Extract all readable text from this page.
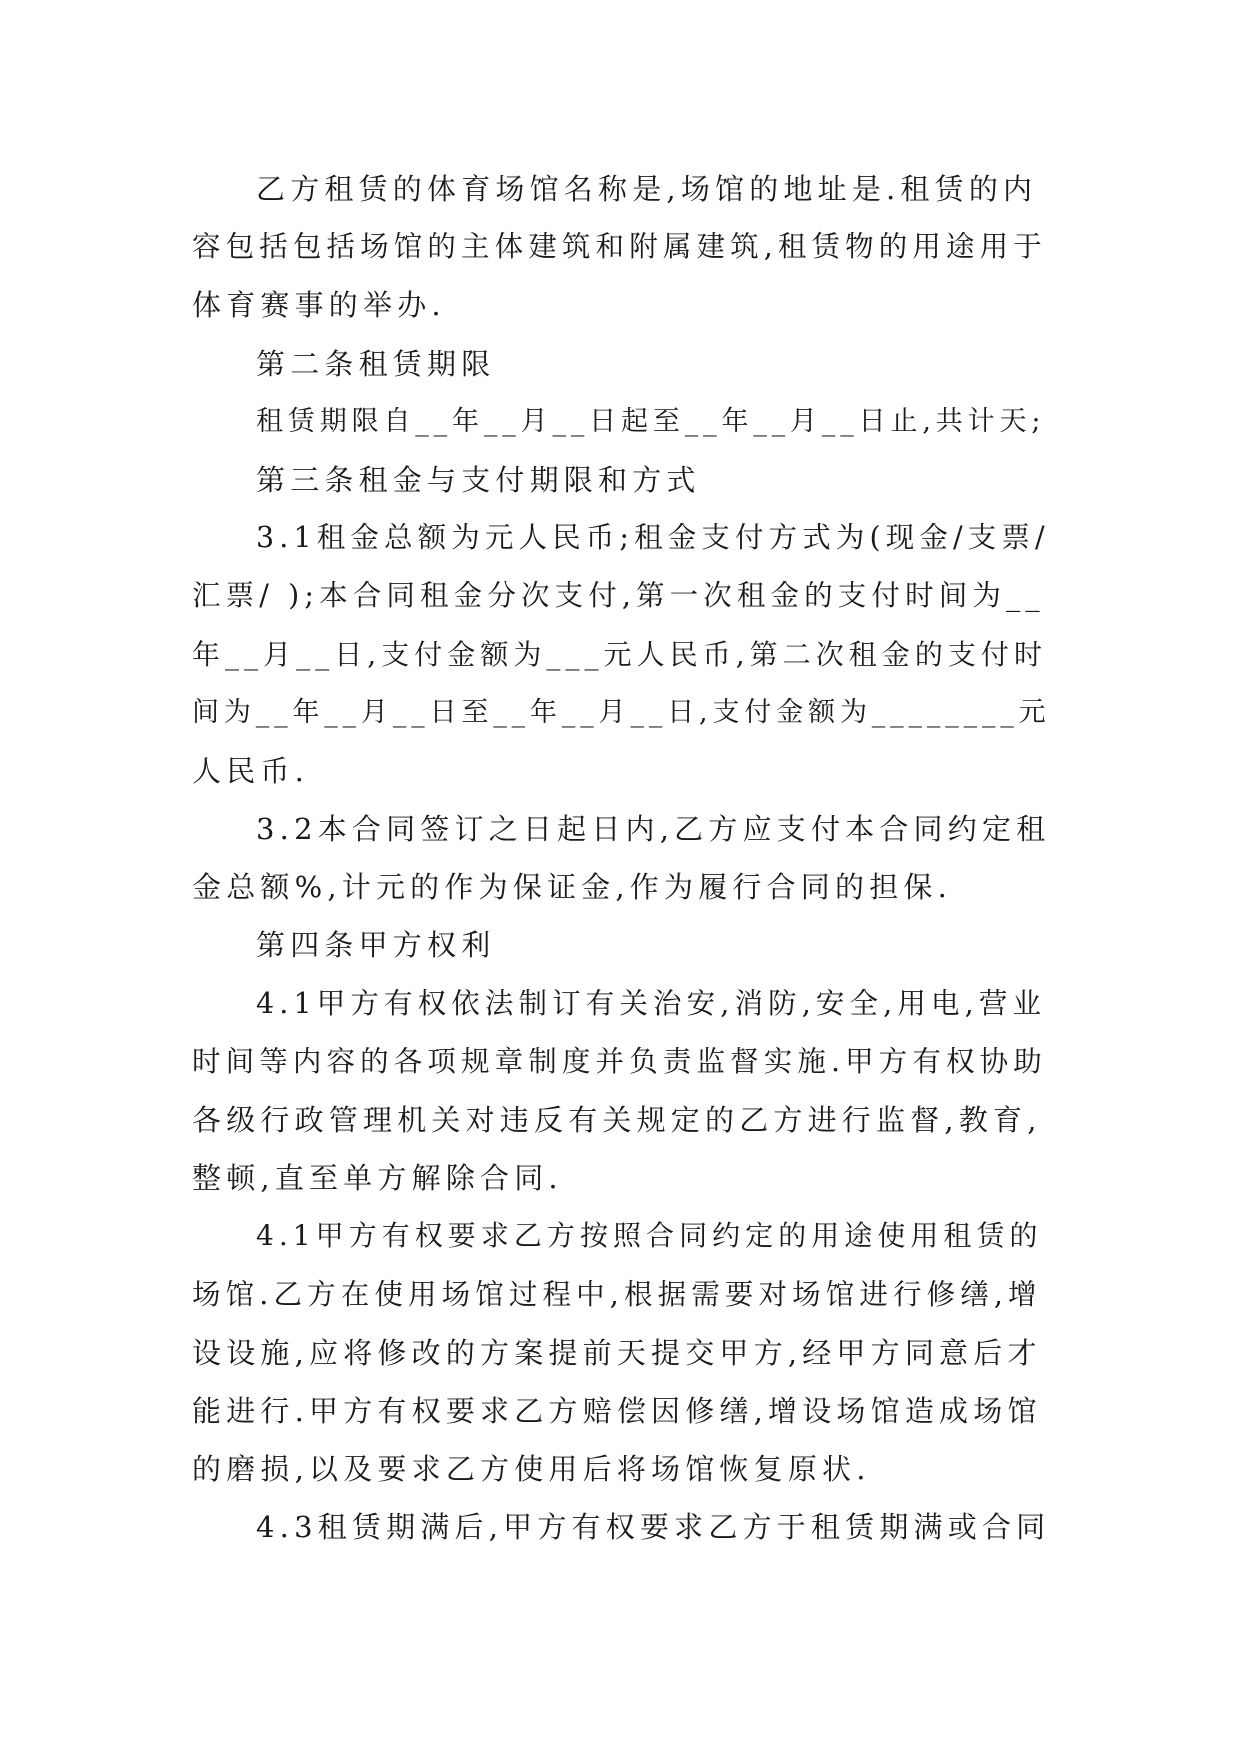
乙方租赁的体育场馆名称是,场馆的地址是.租赁的内
容包括包括场馆的主体建筑和附属建筑,租赁物的用途用于
体育赛事的举办.
第二条租赁期限
租赁期限自__年__月__日起至__年__月__日止,共计天;
第三条租金与支付期限和方式
3.1租金总额为元人民币;租金支付方式为(现金/支票/
汇票/ );本合同租金分次支付,第一次租金的支付时间为__
年__月__日,支付金额为___元人民币,第二次租金的支付时
间为__年__月__日至__年__月__日,支付金额为________元
人民币.
3.2本合同签订之日起日内,乙方应支付本合同约定租
金总额%,计元的作为保证金,作为履行合同的担保.
第四条甲方权利
4.1甲方有权依法制订有关治安,消防,安全,用电,营业
时间等内容的各项规章制度并负责监督实施.甲方有权协助
各级行政管理机关对违反有关规定的乙方进行监督,教育,
整顿,直至单方解除合同.
4.1甲方有权要求乙方按照合同约定的用途使用租赁的
场馆.乙方在使用场馆过程中,根据需要对场馆进行修缮,增
设设施,应将修改的方案提前天提交甲方,经甲方同意后才
能进行.甲方有权要求乙方赔偿因修缮,增设场馆造成场馆
的磨损,以及要求乙方使用后将场馆恢复原状.
4.3租赁期满后,甲方有权要求乙方于租赁期满或合同
